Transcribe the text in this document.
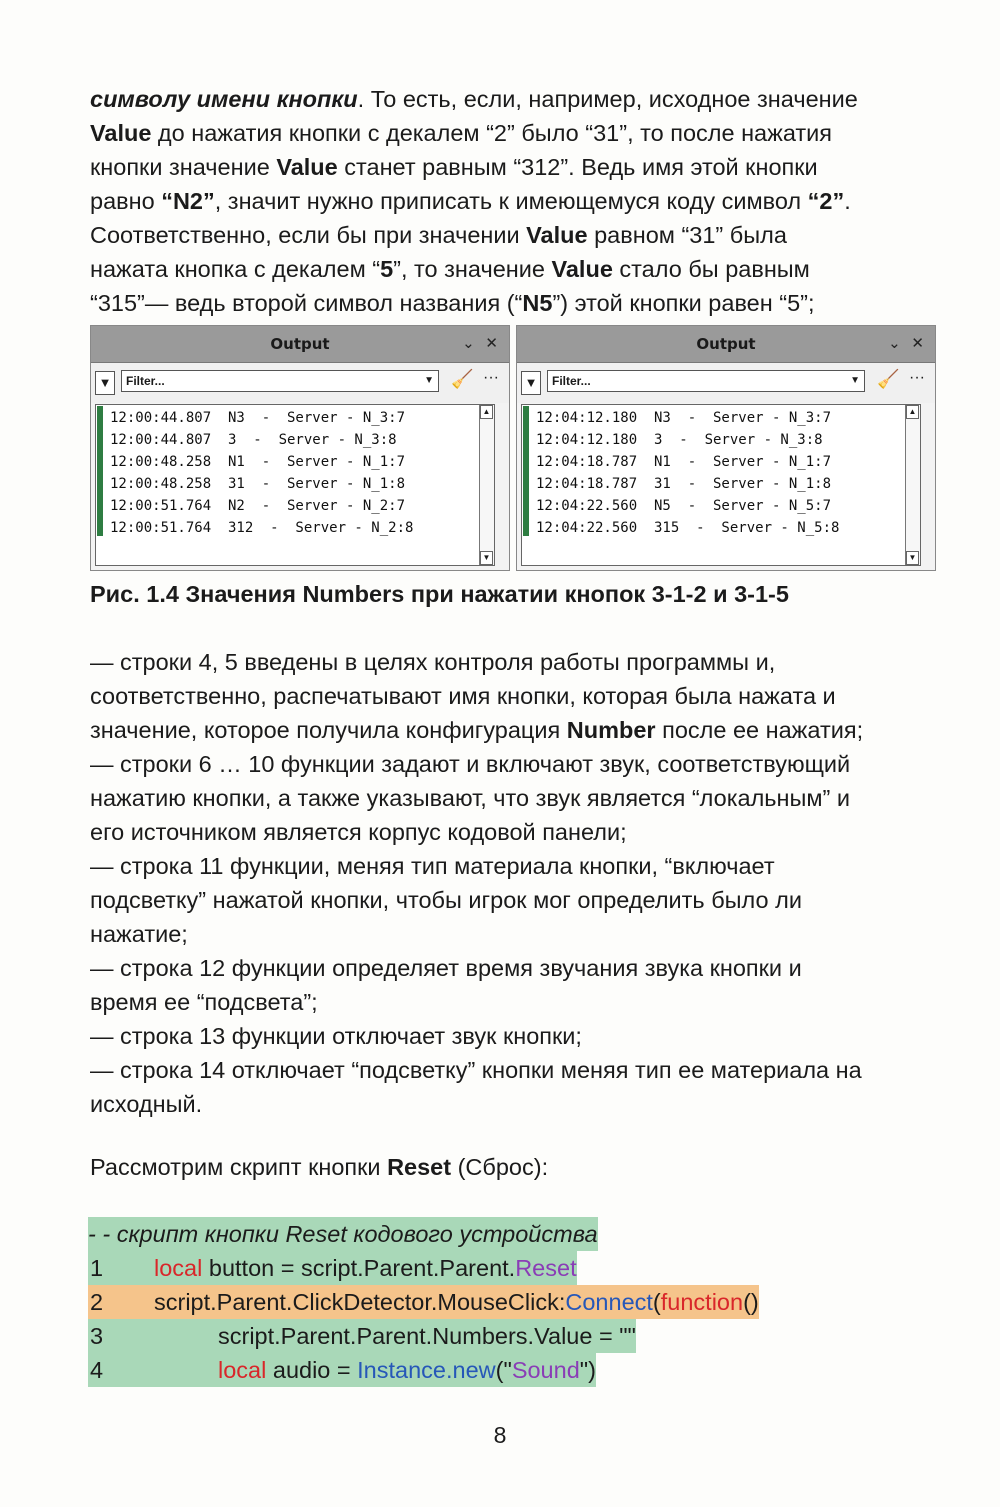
символу имени кнопки. То есть, если, например, исходное значение

Value до нажатия кнопки с декалем “2” было “31”, то после нажатия

кнопки значение Value станет равным “312”. Ведь имя этой кнопки

равно “N2”, значит нужно приписать к имеющемуся коду символ “2”.

Соответственно, если бы при значении Value равном “31” была

нажата кнопка с декалем “5”, то значение Value стало бы равным

“315”— ведь второй символ названия (“N5”) этой кнопки равен “5”;

Output	⌄ ✕
▼	Filter...	▼ 🧹 ···
12:00:44.807  N3  -  Server - N_3:7
12:00:44.807  3  -  Server - N_3:8
12:00:48.258  N1  -  Server - N_1:7
12:00:48.258  31  -  Server - N_1:8
12:00:51.764  N2  -  Server - N_2:7
12:00:51.764  312  -  Server - N_2:8
▲
▼
Output	⌄ ✕
▼	Filter...	▼ 🧹 ···
12:04:12.180  N3  -  Server - N_3:7
12:04:12.180  3  -  Server - N_3:8
12:04:18.787  N1  -  Server - N_1:7
12:04:18.787  31  -  Server - N_1:8
12:04:22.560  N5  -  Server - N_5:7
12:04:22.560  315  -  Server - N_5:8
▲
▼
Рис. 1.4 Значения Numbers при нажатии кнопок 3-1-2 и 3-1-5

— строки 4, 5 введены в целях контроля работы программы и,

соответственно, распечатывают имя кнопки, которая была нажата и

значение, которое получила конфигурация Number после ее нажатия;

— строки 6 … 10 функции задают и включают звук, соответствующий

нажатию кнопки, а также указывают, что звук является “локальным” и

его источником является корпус кодовой панели;

— строка 11 функции, меняя тип материала кнопки, “включает

подсветку” нажатой кнопки, чтобы игрок мог определить было ли

нажатие;

— строка 12 функции определяет время звучания звука кнопки и

время ее “подсвета”;

— строка 13 функции отключает звук кнопки;

— строка 14 отключает “подсветку” кнопки меняя тип ее материала на

исходный.

Рассмотрим скрипт кнопки Reset (Сброс):

- - скрипт кнопки Reset кодового устройства
1 local button = script.Parent.Parent.Reset
2 script.Parent.ClickDetector.MouseClick:Connect(function()
3	script.Parent.Parent.Numbers.Value = ""
4	local audio = Instance.new("Sound")
8
